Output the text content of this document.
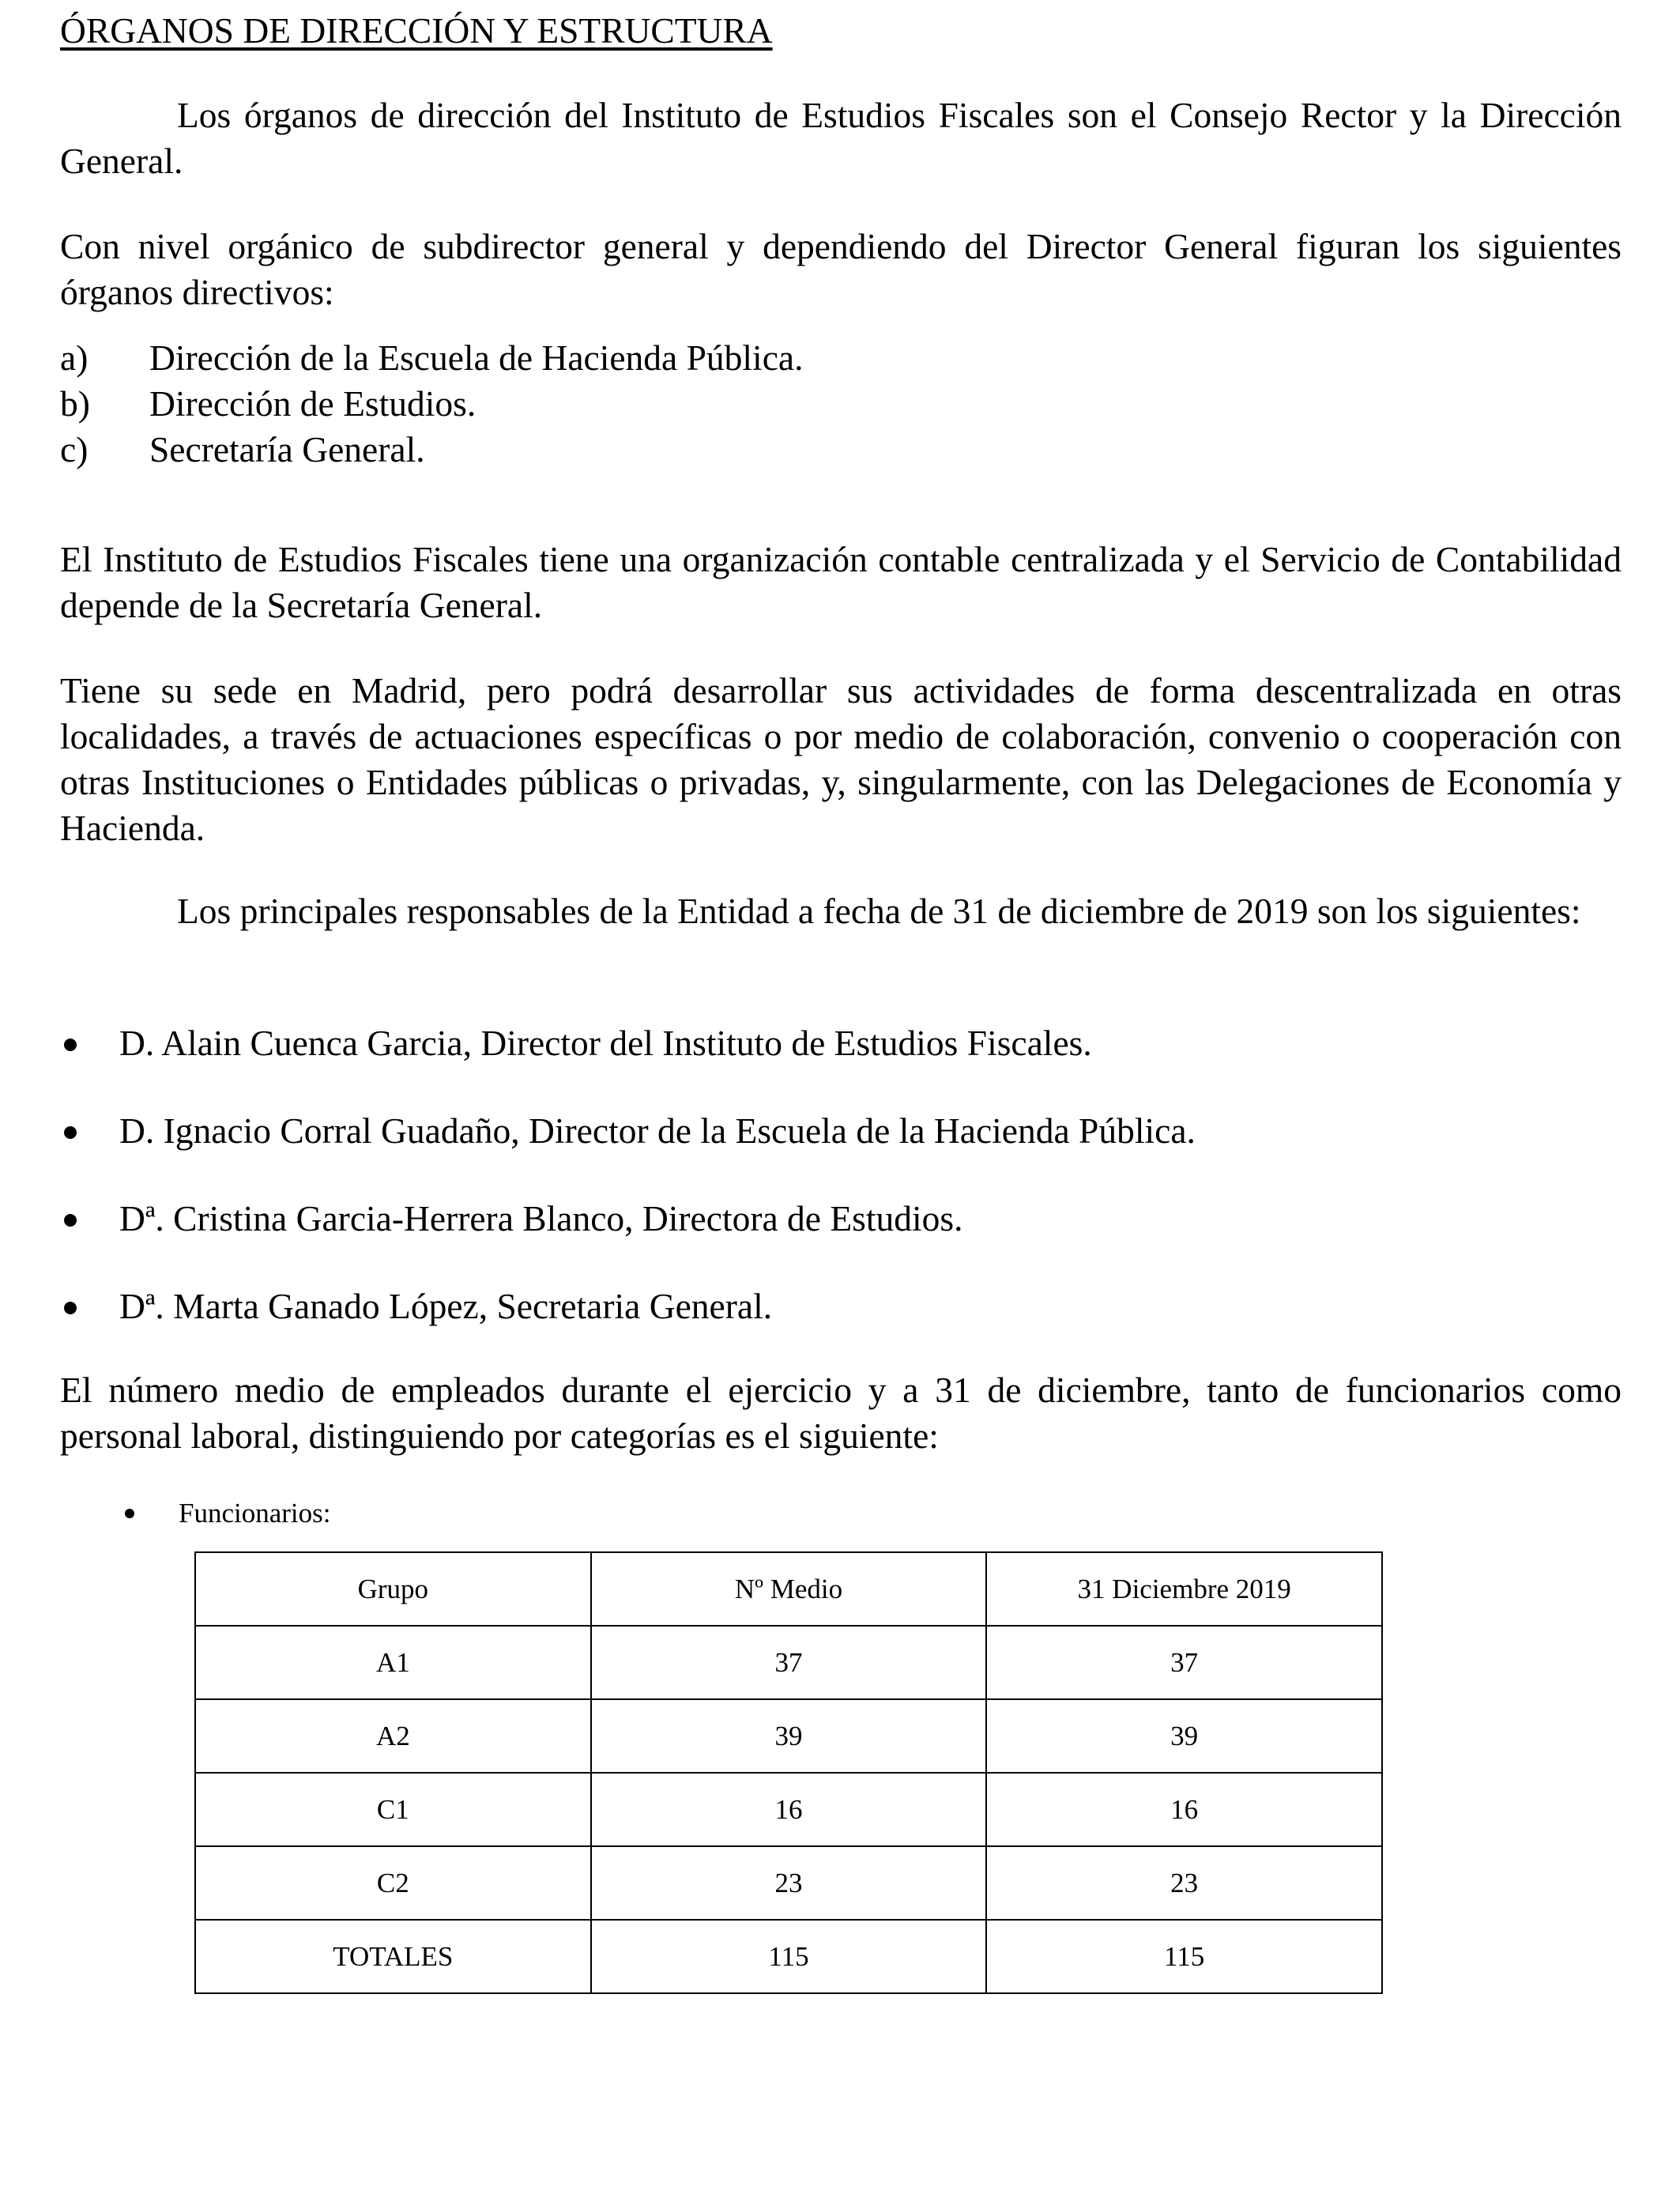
ÓRGANOS DE DIRECCIÓN Y ESTRUCTURA

Los órganos de dirección del Instituto de Estudios Fiscales son el Consejo Rector y la Dirección General.

Con nivel orgánico de subdirector general y dependiendo del Director General figuran los siguientes órganos directivos:

a) Dirección de la Escuela de Hacienda Pública.
b) Dirección de Estudios.
c) Secretaría General.

El Instituto de Estudios Fiscales tiene una organización contable centralizada y el Servicio de Contabilidad depende de la Secretaría General.

Tiene su sede en Madrid, pero podrá desarrollar sus actividades de forma descentralizada en otras localidades, a través de actuaciones específicas o por medio de colaboración, convenio o cooperación con otras Instituciones o Entidades públicas o privadas, y, singularmente, con las Delegaciones de Economía y Hacienda.

Los principales responsables de la Entidad a fecha de 31 de diciembre de 2019 son los siguientes:

D. Alain Cuenca Garcia, Director del Instituto de Estudios Fiscales.
D. Ignacio Corral Guadaño, Director de la Escuela de la Hacienda Pública.
Dª. Cristina Garcia-Herrera Blanco, Directora de Estudios.
Dª. Marta Ganado López, Secretaria General.

El número medio de empleados durante el ejercicio y a 31 de diciembre, tanto de funcionarios como personal laboral, distinguiendo por categorías es el siguiente:

Funcionarios:
Grupo	Nº Medio	31 Diciembre 2019
A1	37	37
A2	39	39
C1	16	16
C2	23	23
TOTALES	115	115
